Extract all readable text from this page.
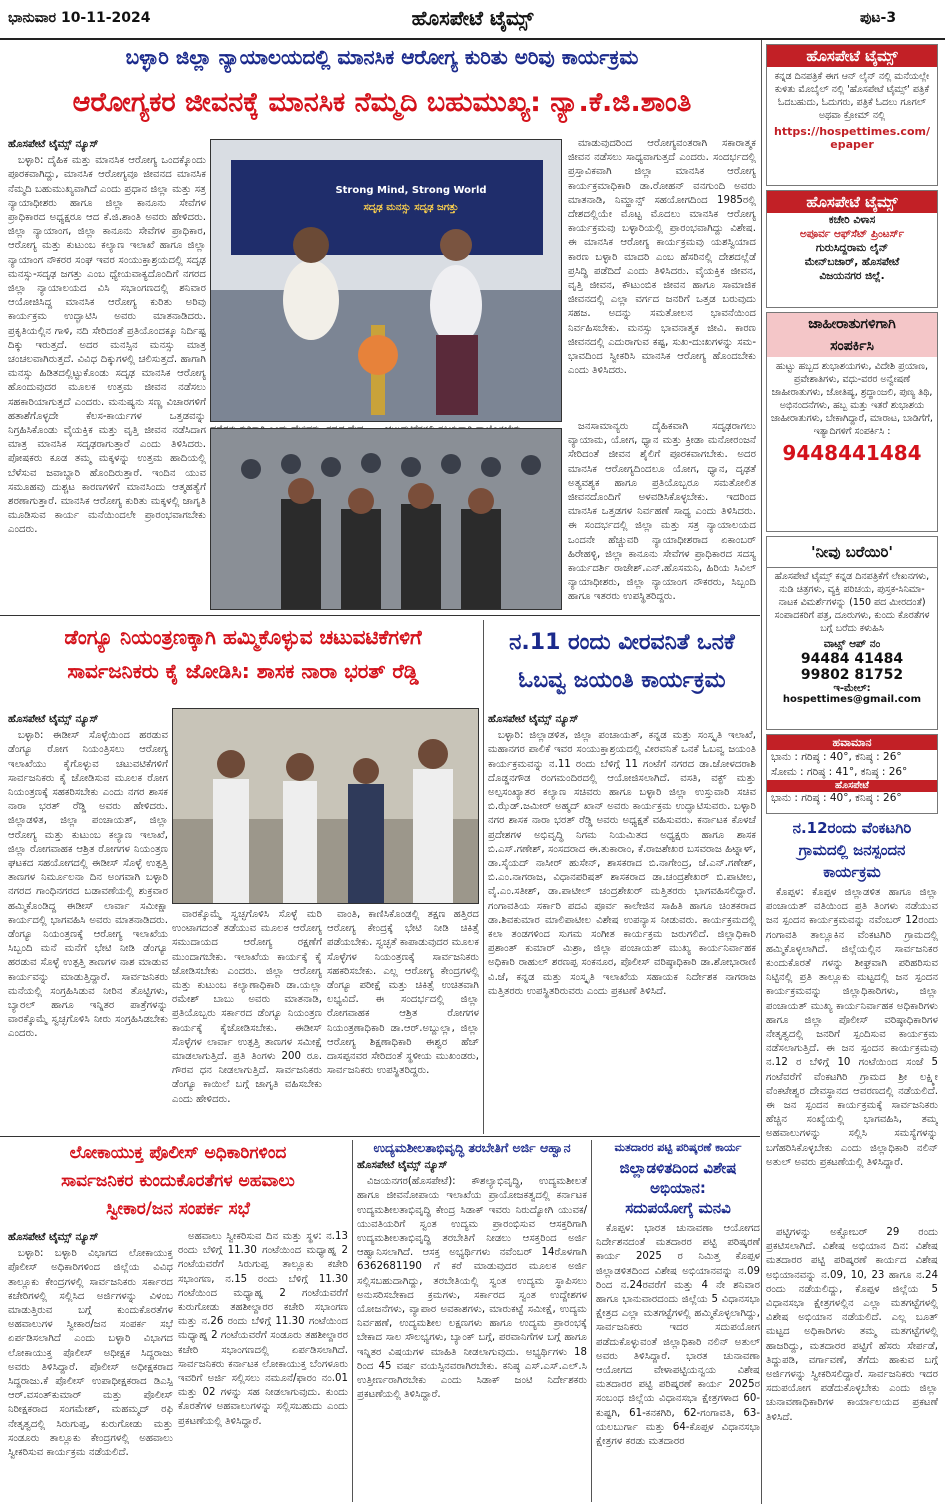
ಭಾನುವಾರ 10-11-2024	ಹೊಸಪೇಟೆ ಟೈಮ್ಸ್	ಪುಟ-3
ಬಳ್ಳಾರಿ ಜಿಲ್ಲಾ ನ್ಯಾಯಾಲಯದಲ್ಲಿ ಮಾನಸಿಕ ಆರೋಗ್ಯ ಕುರಿತು ಅರಿವು ಕಾರ್ಯಕ್ರಮ
ಆರೋಗ್ಯಕರ ಜೀವನಕ್ಕೆ ಮಾನಸಿಕ ನೆಮ್ಮದಿ ಬಹುಮುಖ್ಯ: ನ್ಯಾ.ಕೆ.ಜಿ.ಶಾಂತಿ
ಹೊಸಪೇಟೆ ಟೈಮ್ಸ್ ನ್ಯೂಸ್

ಬಳ್ಳಾರಿ: ದೈಹಿಕ ಮತ್ತು ಮಾನಸಿಕ ಆರೋಗ್ಯ ಒಂದಕ್ಕೊಂದು ಪೂರಕವಾಗಿದ್ದು, ಮಾನಸಿಕ ಆರೋಗ್ಯವೂ ಜೀವನದ ಮಾನಸಿಕ ನೆಮ್ಮದಿ ಬಹುಮುಖ್ಯವಾಗಿದೆ ಎಂದು ಪ್ರಧಾನ ಜಿಲ್ಲಾ ಮತ್ತು ಸತ್ರ ನ್ಯಾಯಾಧೀಶರು ಹಾಗೂ ಜಿಲ್ಲಾ ಕಾನೂನು ಸೇವೆಗಳ ಪ್ರಾಧಿಕಾರದ ಅಧ್ಯಕ್ಷರೂ ಆದ ಕೆ.ಜಿ.ಶಾಂತಿ ಅವರು ಹೇಳಿದರು. ಜಿಲ್ಲಾ ನ್ಯಾಯಾಂಗ, ಜಿಲ್ಲಾ ಕಾನೂನು ಸೇವೆಗಳ ಪ್ರಾಧಿಕಾರ, ಆರೋಗ್ಯ ಮತ್ತು ಕುಟುಂಬ ಕಲ್ಯಾಣ ಇಲಾಖೆ ಹಾಗೂ ಜಿಲ್ಲಾ ನ್ಯಾಯಾಂಗ ನೌಕರರ ಸಂಘ ಇವರ ಸಂಯುಕ್ತಾಶ್ರಯದಲ್ಲಿ ಸದೃಢ ಮನಸ್ಸು-ಸದೃಢ ಜಗತ್ತು ಎಂಬ ಧ್ಯೇಯವಾಕ್ಯದೊಂದಿಗೆ ನಗರದ ಜಿಲ್ಲಾ ನ್ಯಾಯಾಲಯದ ವಿಸಿ ಸಭಾಂಗಣದಲ್ಲಿ ಶನಿವಾರ ಆಯೋಜಿಸಿದ್ದ ಮಾನಸಿಕ ಆರೋಗ್ಯ ಕುರಿತು ಅರಿವು ಕಾರ್ಯಕ್ರಮ ಉದ್ಘಾಟಿಸಿ ಅವರು ಮಾತನಾಡಿದರು. ಪ್ರಕೃತಿಯಲ್ಲಿನ ಗಾಳಿ, ನದಿ ಸೇರಿದಂತೆ ಪ್ರತಿಯೊಂದಕ್ಕೂ ನಿರ್ದಿಷ್ಟ ದಿಕ್ಕು ಇರುತ್ತದೆ. ಅದರ ಮನಸ್ಸಿನ ಮನಸ್ಸು ಮಾತ್ರ ಚಂಚಲವಾಗಿರುತ್ತದೆ. ವಿವಿಧ ದಿಕ್ಕುಗಳಲ್ಲಿ ಚಲಿಸುತ್ತದೆ. ಹಾಗಾಗಿ ಮನಸ್ಸು ಹಿಡಿತದಲ್ಲಿಟ್ಟುಕೊಂಡು ಸದೃಢ ಮಾನಸಿಕ ಆರೋಗ್ಯ ಹೊಂದುವುದರ ಮೂಲಕ ಉತ್ತಮ ಜೀವನ ನಡೆಸಲು ಸಹಕಾರಿಯಾಗುತ್ತದೆ ಎಂದರು. ಮನುಷ್ಯನು ಸಣ್ಣ ವಿಚಾರಗಳಿಗೆ ಹತಾಶೆಗೊಳ್ಳದೇ ಕೆಲಸ-ಕಾರ್ಯಗಳ ಒತ್ತಡವನ್ನು ನಿಗ್ರಹಿಸಿಕೊಂಡು ವೈಯಕ್ತಿಕ ಮತ್ತು ವೃತ್ತಿ ಜೀವನ ನಡೆಸಿದಾಗ ಮಾತ್ರ ಮಾನಸಿಕ ಸದೃಢರಾಗುತ್ತಾರೆ ಎಂದು ತಿಳಿಸಿದರು. ಪೋಷಕರು ಕೂಡ ತಮ್ಮ ಮಕ್ಕಳನ್ನು ಉತ್ತಮ ಹಾದಿಯಲ್ಲಿ ಬೆಳೆಸುವ ಜವಾಬ್ದಾರಿ ಹೊಂದಿರುತ್ತಾರೆ. ಇಂದಿನ ಯುವ ಸಮೂಹವು ದುಶ್ಚಟ ಕಾರಣಗಳಿಗೆ ಮಾನಸಿಂದು ಆತ್ಮಹತ್ಯೆಗೆ ಶರಣಾಗುತ್ತಾರೆ. ಮಾನಸಿಕ ಆರೋಗ್ಯ ಕುರಿತು ಮಕ್ಕಳಲ್ಲಿ ಜಾಗೃತಿ ಮೂಡಿಸುವ ಕಾರ್ಯ ಮನೆಯಿಂದಲೇ ಪ್ರಾರಂಭವಾಗಬೇಕು ಎಂದರು.

Strong Mind, Strong World
ಸದೃಢ ಮನಸ್ಸು ಸದೃಢ ಜಗತ್ತು

ಮಾಡುವುದರಿಂದ ಆರೋಗ್ಯವಂತರಾಗಿ ಸಕಾರಾತ್ಮಕ ಜೀವನ ನಡೆಸಲು ಸಾಧ್ಯವಾಗುತ್ತದೆ ಎಂದರು. ಸಂದರ್ಭದಲ್ಲಿ ಪ್ರಸ್ತಾವಿಕವಾಗಿ ಜಿಲ್ಲಾ ಮಾನಸಿಕ ಆರೋಗ್ಯ ಕಾರ್ಯಕ್ರಮಾಧಿಕಾರಿ ಡಾ.ರೋಹನ್ ವನಗುಂದಿ ಅವರು ಮಾತನಾಡಿ, ನಿಮ್ಹಾನ್ಸ್ ಸಹಯೋಗದಿಂದ 1985ರಲ್ಲಿ ದೇಶದಲ್ಲಿಯೇ ಮೊಟ್ಟ ಮೊದಲು ಮಾನಸಿಕ ಆರೋಗ್ಯ ಕಾರ್ಯಕ್ರಮವು ಬಳ್ಳಾರಿಯಲ್ಲಿ ಪ್ರಾರಂಭವಾಗಿದ್ದು ವಿಶೇಷ. ಈ ಮಾನಸಿಕ ಆರೋಗ್ಯ ಕಾರ್ಯಕ್ರಮವು ಯಶಸ್ವಿಯಾದ ಕಾರಣ ಬಳ್ಳಾರಿ ಮಾದರಿ ಎಂಬ ಹೆಸರಿನಲ್ಲಿ ದೇಶದಲ್ಲೆಡೆ ಪ್ರಸಿದ್ಧಿ ಪಡೆದಿದೆ ಎಂದು ತಿಳಿಸಿದರು. ವೈಯಕ್ತಿಕ ಜೀವನ, ವೃತ್ತಿ ಜೀವನ, ಕೌಟುಂಬಿಕ ಜೀವನ ಹಾಗೂ ಸಾಮಾಜಿಕ ಜೀವನದಲ್ಲಿ ಎಲ್ಲಾ ವರ್ಗದ ಜನರಿಗೆ ಒತ್ತಡ ಬರುವುದು ಸಹಜ. ಅದನ್ನು ಸಮತೋಲನ ಭಾವನೆಯಿಂದ ನಿರ್ವಹಿಸಬೇಕು. ಮನಸ್ಸು ಭಾವನಾತ್ಮಕ ಜೀವಿ. ಕಾರಣ ಜೀವನದಲ್ಲಿ ಎದುರಾಗುವ ಕಷ್ಟ, ಸುಖ-ದುಃಖಗಳನ್ನು ಸಮ-ಭಾವದಿಂದ ಸ್ವೀಕರಿಸಿ ಮಾನಸಿಕ ಆರೋಗ್ಯ ಹೊಂದಬೇಕು ಎಂದು ತಿಳಿಸಿದರು.

ಜನಸಾಮಾನ್ಯರು ದೈಹಿಕವಾಗಿ ಸದೃಢರಾಗಲು ವ್ಯಾಯಾಮ, ಯೋಗ, ಧ್ಯಾನ ಮತ್ತು ಕ್ರೀಡಾ ಮನೋರಂಜನೆ ಸೇರಿದಂತೆ ಜೀವನ ಶೈಲಿಗೆ ಪೂರಕವಾಗಬೇಕು. ಅದರ ಮಾನಸಿಕ ಆರೋಗ್ಯದಿಂದಲೂ ಯೋಗ, ಧ್ಯಾನ, ದೃಢತೆ ಅತ್ಯವಶ್ಯಕ ಹಾಗೂ ಪ್ರತಿಯೊಬ್ಬರೂ ಸಮತೋಲಿತ ಜೀವನದೊಂದಿಗೆ ಅಳವಡಿಸಿಕೊಳ್ಳಬೇಕು. ಇದರಿಂದ ಮಾನಸಿಕ ಒತ್ತಡಗಳ ನಿರ್ವಹಣೆ ಸಾಧ್ಯ ಎಂದು ತಿಳಿಸಿದರು. ಈ ಸಂದರ್ಭದಲ್ಲಿ ಜಿಲ್ಲಾ ಮತ್ತು ಸತ್ರ ನ್ಯಾಯಾಲಯದ ಒಂದನೇ ಹೆಚ್ಚುವರಿ ನ್ಯಾಯಾಧೀಶರಾದ ಏಕಾಂಬರ್ ಹಿರೇಹಳ್ಳಿ, ಜಿಲ್ಲಾ ಕಾನೂನು ಸೇವೆಗಳ ಪ್ರಾಧಿಕಾರದ ಸದಸ್ಯ ಕಾರ್ಯದರ್ಶಿ ರಾಜೇಶ್.ಎನ್.ಹೊಸಮನಿ, ಹಿರಿಯ ಸಿವಿಲ್ ನ್ಯಾಯಾಧೀಶರು, ಜಿಲ್ಲಾ ನ್ಯಾಯಾಂಗ ನೌಕರರು, ಸಿಬ್ಬಂದಿ ಹಾಗೂ ಇತರರು ಉಪಸ್ಥಿತರಿದ್ದರು.

ಡೆಂಗ್ಯೂ ನಿಯಂತ್ರಣಕ್ಕಾಗಿ ಹಮ್ಮಿಕೊಳ್ಳುವ ಚಟುವಟಿಕೆಗಳಿಗೆ
ಸಾರ್ವಜನಿಕರು ಕೈ ಜೋಡಿಸಿ: ಶಾಸಕ ನಾರಾ ಭರತ್ ರೆಡ್ಡಿ
ಹೊಸಪೇಟೆ ಟೈಮ್ಸ್ ನ್ಯೂಸ್

ಬಳ್ಳಾರಿ: ಈಡೀಸ್ ಸೊಳ್ಳೆಯಿಂದ ಹರಡುವ ಡೆಂಗ್ಯೂ ರೋಗ ನಿಯಂತ್ರಿಸಲು ಆರೋಗ್ಯ ಇಲಾಖೆಯು ಕೈಗೊಳ್ಳುವ ಚಟುವಟಿಕೆಗಳಿಗೆ ಸಾರ್ವಜನಿಕರು ಕೈ ಜೋಡಿಸುವ ಮೂಲಕ ರೋಗ ನಿಯಂತ್ರಣಕ್ಕೆ ಸಹಕರಿಸಬೇಕು ಎಂದು ನಗರ ಶಾಸಕ ನಾರಾ ಭರತ್ ರೆಡ್ಡಿ ಅವರು ಹೇಳಿದರು. ಜಿಲ್ಲಾಡಳಿತ, ಜಿಲ್ಲಾ ಪಂಚಾಯತ್, ಜಿಲ್ಲಾ ಆರೋಗ್ಯ ಮತ್ತು ಕುಟುಂಬ ಕಲ್ಯಾಣ ಇಲಾಖೆ, ಜಿಲ್ಲಾ ರೋಗವಾಹಕ ಆಶ್ರಿತ ರೋಗಗಳ ನಿಯಂತ್ರಣ ಘಟಕದ ಸಹಯೋಗದಲ್ಲಿ ಈಡೀಸ್ ಸೊಳ್ಳೆ ಉತ್ಪತ್ತಿ ತಾಣಗಳ ನಿರ್ಮೂಲನಾ ದಿನ ಅಂಗವಾಗಿ ಬಳ್ಳಾರಿ ನಗರದ ಗಾಂಧಿನಗರದ ಬಡಾವಣೆಯಲ್ಲಿ ಶುಕ್ರವಾರ ಹಮ್ಮಿಕೊಂಡಿದ್ದ ಈಡೀಸ್ ಲಾರ್ವಾ ಸಮೀಕ್ಷಾ ಕಾರ್ಯದಲ್ಲಿ ಭಾಗವಹಿಸಿ ಅವರು ಮಾತನಾಡಿದರು. ಡೆಂಗ್ಯೂ ನಿಯಂತ್ರಣಕ್ಕೆ ಆರೋಗ್ಯ ಇಲಾಖೆಯ ಸಿಬ್ಬಂದಿ ಮನೆ ಮನೆಗೆ ಭೇಟಿ ನೀಡಿ ಡೆಂಗ್ಯೂ ಹರಡುವ ಸೊಳ್ಳೆ ಉತ್ಪತ್ತಿ ತಾಣಗಳ ನಾಶ ಮಾಡುವ ಕಾರ್ಯವನ್ನು ಮಾಡುತ್ತಿದ್ದಾರೆ. ಸಾರ್ವಜನಿಕರು ಮನೆಯಲ್ಲಿ ಸಂಗ್ರಹಿಸಿಡುವ ನೀರಿನ ತೊಟ್ಟಿಗಳು, ಬ್ಯಾರಲ್ ಹಾಗೂ ಇನ್ನಿತರ ಪಾತ್ರೆಗಳನ್ನು ವಾರಕ್ಕೊಮ್ಮೆ ಸ್ವಚ್ಛಗೊಳಿಸಿ ನೀರು ಸಂಗ್ರಹಿಸಿಡಬೇಕು ಎಂದರು.

ವಾರಕ್ಕೊಮ್ಮೆ ಸ್ವಚ್ಛಗೊಳಿಸಿ ಸೊಳ್ಳೆ ಮರಿ ಉಂಟಾಗದಂತೆ ತಡೆಯುವ ಮೂಲಕ ಆರೋಗ್ಯ ಸಮುದಾಯದ ಆರೋಗ್ಯ ರಕ್ಷಣೆಗೆ ಮುಂದಾಗಬೇಕು. ಇಲಾಖೆಯ ಕಾರ್ಯಕ್ಕೆ ಕೈ ಜೋಡಿಸಬೇಕು ಎಂದರು. ಜಿಲ್ಲಾ ಆರೋಗ್ಯ ಮತ್ತು ಕುಟುಂಬ ಕಲ್ಯಾಣಾಧಿಕಾರಿ ಡಾ.ಯಲ್ಲಾ ರಮೇಶ್ ಬಾಬು ಅವರು ಮಾತನಾಡಿ, ಪ್ರತಿಯೊಬ್ಬರು ಸರ್ಕಾರದ ಡೆಂಗ್ಯೂ ನಿಯಂತ್ರಣ ಕಾರ್ಯಕ್ಕೆ ಕೈಜೋಡಿಸಬೇಕು. ಈಡೀಸ್ ಸೊಳ್ಳೆಗಳ ಲಾರ್ವಾ ಉತ್ಪತ್ತಿ ತಾಣಗಳ ಸಮೀಕ್ಷೆ ಮಾಡಲಾಗುತ್ತಿದೆ. ಪ್ರತಿ ತಿಂಗಳು 200 ರೂ. ಗೌರವ ಧನ ನೀಡಲಾಗುತ್ತಿದೆ. ಸಾರ್ವಜನಿಕರು ಡೆಂಗ್ಯೂ ಕಾಯಿಲೆ ಬಗ್ಗೆ ಜಾಗೃತಿ ವಹಿಸಬೇಕು ಎಂದು ಹೇಳಿದರು.

ವಾಂತಿ, ಕಾಣಿಸಿಕೊಂಡಲ್ಲಿ ತಕ್ಷಣ ಹತ್ತಿರದ ಆರೋಗ್ಯ ಕೇಂದ್ರಕ್ಕೆ ಭೇಟಿ ನೀಡಿ ಚಿಕಿತ್ಸೆ ಪಡೆಯಬೇಕು. ಸ್ವಚ್ಛತೆ ಕಾಪಾಡುವುದರ ಮೂಲಕ ಸೊಳ್ಳೆಗಳ ನಿಯಂತ್ರಣಕ್ಕೆ ಸಾರ್ವಜನಿಕರು ಸಹಕರಿಸಬೇಕು. ಎಲ್ಲ ಆರೋಗ್ಯ ಕೇಂದ್ರಗಳಲ್ಲಿ ಡೆಂಗ್ಯೂ ಪರೀಕ್ಷೆ ಮತ್ತು ಚಿಕಿತ್ಸೆ ಉಚಿತವಾಗಿ ಲಭ್ಯವಿದೆ. ಈ ಸಂದರ್ಭದಲ್ಲಿ ಜಿಲ್ಲಾ ರೋಗವಾಹಕ ಆಶ್ರಿತ ರೋಗಗಳ ನಿಯಂತ್ರಣಾಧಿಕಾರಿ ಡಾ.ಆರ್.ಅಬ್ದುಲ್ಲಾ, ಜಿಲ್ಲಾ ಆರೋಗ್ಯ ಶಿಕ್ಷಣಾಧಿಕಾರಿ ಈಶ್ವರ ಹೆಚ್ ದಾಸಪ್ಪನವರ ಸೇರಿದಂತೆ ಸ್ಥಳೀಯ ಮುಖಂಡರು, ಸಾರ್ವಜನಿಕರು ಉಪಸ್ಥಿತರಿದ್ದರು.

ನ.11 ರಂದು ವೀರವನಿತೆ ಒನಕೆ
ಓಬವ್ವ ಜಯಂತಿ ಕಾರ್ಯಕ್ರಮ
ಹೊಸಪೇಟೆ ಟೈಮ್ಸ್ ನ್ಯೂಸ್

ಬಳ್ಳಾರಿ: ಜಿಲ್ಲಾಡಳಿತ, ಜಿಲ್ಲಾ ಪಂಚಾಯತ್, ಕನ್ನಡ ಮತ್ತು ಸಂಸ್ಕೃತಿ ಇಲಾಖೆ, ಮಹಾನಗರ ಪಾಲಿಕೆ ಇವರ ಸಂಯುಕ್ತಾಶ್ರಯದಲ್ಲಿ ವೀರವನಿತೆ ಒನಕೆ ಓಬವ್ವ ಜಯಂತಿ ಕಾರ್ಯಕ್ರಮವನ್ನು ನ.11 ರಂದು ಬೆಳಿಗ್ಗೆ 11 ಗಂಟೆಗೆ ನಗರದ ಡಾ.ಜೋಳದರಾಶಿ ದೊಡ್ಡನಗೌಡ ರಂಗಮಂದಿರದಲ್ಲಿ ಆಯೋಜಿಸಲಾಗಿದೆ. ವಸತಿ, ವಕ್ಫ್ ಮತ್ತು ಅಲ್ಪಸಂಖ್ಯಾತರ ಕಲ್ಯಾಣ ಸಚಿವರು ಹಾಗೂ ಬಳ್ಳಾರಿ ಜಿಲ್ಲಾ ಉಸ್ತುವಾರಿ ಸಚಿವ ಬಿ.ಝೆಡ್.ಜಮೀರ್ ಅಹ್ಮದ್ ಖಾನ್ ಅವರು ಕಾರ್ಯಕ್ರಮ ಉದ್ಘಾಟಿಸುವರು. ಬಳ್ಳಾರಿ ನಗರ ಶಾಸಕ ನಾರಾ ಭರತ್ ರೆಡ್ಡಿ ಅವರು ಅಧ್ಯಕ್ಷತೆ ವಹಿಸುವರು. ಕರ್ನಾಟಕ ಕೊಳಚೆ ಪ್ರದೇಶಗಳ ಅಭಿವೃದ್ಧಿ ನಿಗಮ ನಿಯಮಿತದ ಅಧ್ಯಕ್ಷರು ಹಾಗೂ ಶಾಸಕ ಬಿ.ಎಸ್.ಗಣೇಶ್, ಸಂಸದರಾದ ಈ.ತುಕಾರಾಂ, ಕೆ.ರಾಜಶೇಖರ ಬಸವರಾಜ ಹಿಟ್ನಾಳ್, ಡಾ.ಸೈಯದ್ ನಾಸೀರ್ ಹುಸೇನ್, ಶಾಸಕರಾದ ಬಿ.ನಾಗೇಂದ್ರ, ಜೆ.ಎನ್.ಗಣೇಶ್, ಬಿ.ಎಂ.ನಾಗರಾಜ, ವಿಧಾನಪರಿಷತ್ ಶಾಸಕರಾದ ಡಾ.ಚಂದ್ರಶೇಖರ್ ಬಿ.ಪಾಟೀಲ, ವೈ.ಎಂ.ಸತೀಶ್, ಡಾ.ಪಾಟೀಲ್ ಚಂದ್ರಶೇಖರ್ ಮತ್ತಿತರರು ಭಾಗವಹಿಸಲಿದ್ದಾರೆ. ಗಂಗಾವತಿಯ ಸರ್ಕಾರಿ ಪದವಿ ಪೂರ್ವ ಕಾಲೇಜಿನ ಸಾಹಿತಿ ಹಾಗೂ ಚಿಂತಕರಾದ ಡಾ.ಶಿವಕುಮಾರ ಮಾಲಿಪಾಟೀಲ ವಿಶೇಷ ಉಪನ್ಯಾಸ ನೀಡುವರು. ಕಾರ್ಯಕ್ರಮದಲ್ಲಿ ಕಲಾ ತಂಡಗಳಿಂದ ಸುಗಮ ಸಂಗೀತ ಕಾರ್ಯಕ್ರಮ ಜರುಗಲಿದೆ. ಜಿಲ್ಲಾಧಿಕಾರಿ ಪ್ರಶಾಂತ್ ಕುಮಾರ್ ಮಿಶ್ರಾ, ಜಿಲ್ಲಾ ಪಂಚಾಯತ್ ಮುಖ್ಯ ಕಾರ್ಯನಿರ್ವಾಹಕ ಅಧಿಕಾರಿ ರಾಹುಲ್ ಶರಣಪ್ಪ ಸಂಕನೂರ, ಪೊಲೀಸ್ ವರಿಷ್ಠಾಧಿಕಾರಿ ಡಾ.ಶೋಭಾರಾಣಿ ವಿ.ಜೆ, ಕನ್ನಡ ಮತ್ತು ಸಂಸ್ಕೃತಿ ಇಲಾಖೆಯ ಸಹಾಯಕ ನಿರ್ದೇಶಕ ನಾಗರಾಜ ಮತ್ತಿತರರು ಉಪಸ್ಥಿತರಿರುವರು ಎಂದು ಪ್ರಕಟಣೆ ತಿಳಿಸಿದೆ.

ಲೋಕಾಯುಕ್ತ ಪೊಲೀಸ್ ಅಧಿಕಾರಿಗಳಿಂದ
ಸಾರ್ವಜನಿಕರ ಕುಂದುಕೊರತೆಗಳ ಅಹವಾಲು
ಸ್ವೀಕಾರ/ಜನ ಸಂಪರ್ಕ ಸಭೆ
ಹೊಸಪೇಟೆ ಟೈಮ್ಸ್ ನ್ಯೂಸ್

ಬಳ್ಳಾರಿ: ಬಳ್ಳಾರಿ ವಿಭಾಗದ ಲೋಕಾಯುಕ್ತ ಪೊಲೀಸ್ ಅಧಿಕಾರಿಗಳಿಂದ ಜಿಲ್ಲೆಯ ವಿವಿಧ ತಾಲ್ಲೂಕು ಕೇಂದ್ರಗಳಲ್ಲಿ ಸಾರ್ವಜನಿಕರು ಸರ್ಕಾರದ ಕಚೇರಿಗಳಲ್ಲಿ ಸಲ್ಲಿಸಿದ ಅರ್ಜಿಗಳನ್ನು ವಿಳಂಬ ಮಾಡುತ್ತಿರುವ ಬಗ್ಗೆ ಕುಂದುಕೊರತೆಗಳ ಅಹವಾಲುಗಳ ಸ್ವೀಕಾರ/ಜನ ಸಂಪರ್ಕ ಸಭೆ ಏರ್ಪಡಿಸಲಾಗಿದೆ ಎಂದು ಬಳ್ಳಾರಿ ವಿಭಾಗದ ಲೋಕಾಯುಕ್ತ ಪೊಲೀಸ್ ಅಧೀಕ್ಷಕ ಸಿದ್ದರಾಜು ಅವರು ತಿಳಿಸಿದ್ದಾರೆ. ಪೊಲೀಸ್ ಅಧೀಕ್ಷಕರಾದ ಸಿದ್ದರಾಜು.ಕೆ ಪೊಲೀಸ್ ಉಪಾಧೀಕ್ಷಕರಾದ ಡಿಎಸ್ಪಿ ಆರ್.ವಸಂತ್‌ಕುಮಾರ್ ಮತ್ತು ಪೊಲೀಸ್ ನಿರೀಕ್ಷಕರಾದ ಸಂಗಮೇಶ್, ಮಹಮ್ಮದ್ ರಫಿ ನೇತೃತ್ವದಲ್ಲಿ ಸಿರುಗುಪ್ಪ, ಕುರುಗೋಡು ಮತ್ತು ಸಂಡೂರು ತಾಲ್ಲೂಕು ಕೇಂದ್ರಗಳಲ್ಲಿ ಅಹವಾಲು ಸ್ವೀಕರಿಸುವ ಕಾರ್ಯಕ್ರಮ ನಡೆಯಲಿದೆ.

ಅಹವಾಲು ಸ್ವೀಕರಿಸುವ ದಿನ ಮತ್ತು ಸ್ಥಳ: ನ.13 ರಂದು ಬೆಳಿಗ್ಗೆ 11.30 ಗಂಟೆಯಿಂದ ಮಧ್ಯಾಹ್ನ 2 ಗಂಟೆಯವರೆಗೆ ಸಿರುಗುಪ್ಪ ತಾಲ್ಲೂಕು ಕಚೇರಿ ಸಭಾಂಗಣ, ನ.15 ರಂದು ಬೆಳಿಗ್ಗೆ 11.30 ಗಂಟೆಯಿಂದ ಮಧ್ಯಾಹ್ನ 2 ಗಂಟೆಯವರೆಗೆ ಕುರುಗೋಡು ತಹಶೀಲ್ದಾರರ ಕಚೇರಿ ಸಭಾಂಗಣ ಮತ್ತು ನ.26 ರಂದು ಬೆಳಿಗ್ಗೆ 11.30 ಗಂಟೆಯಿಂದ ಮಧ್ಯಾಹ್ನ 2 ಗಂಟೆಯವರೆಗೆ ಸಂಡೂರು ತಹಶೀಲ್ದಾರರ ಕಚೇರಿ ಸಭಾಂಗಣದಲ್ಲಿ ಏರ್ಪಡಿಸಲಾಗಿದೆ. ಸಾರ್ವಜನಿಕರು ಕರ್ನಾಟಕ ಲೋಕಾಯುಕ್ತ ಬೆಂಗಳೂರು ಇವರಿಗೆ ಅರ್ಜಿ ಸಲ್ಲಿಸಲು ನಮೂನೆ/ಫಾರಂ ನಂ.01 ಮತ್ತು 02 ಗಳನ್ನು ಸಹ ನೀಡಲಾಗುವುದು. ಕುಂದು ಕೊರತೆಗಳ ಅಹವಾಲುಗಳನ್ನು ಸಲ್ಲಿಸಬಹುದು ಎಂದು ಪ್ರಕಟಣೆಯಲ್ಲಿ ತಿಳಿಸಿದ್ದಾರೆ.

ಉದ್ಯಮಶೀಲತಾಭಿವೃದ್ಧಿ ತರಬೇತಿಗೆ ಅರ್ಜಿ ಆಹ್ವಾನ
ಹೊಸಪೇಟೆ ಟೈಮ್ಸ್ ನ್ಯೂಸ್

ವಿಜಯನಗರ(ಹೊಸಪೇಟೆ): ಕೌಶಲ್ಯಾಭಿವೃದ್ಧಿ, ಉದ್ಯಮಶೀಲತೆ ಹಾಗೂ ಜೀವನೋಪಾಯ ಇಲಾಖೆಯ ಪ್ರಾಯೋಜಕತ್ವದಲ್ಲಿ ಕರ್ನಾಟಕ ಉದ್ಯಮಶೀಲತಾಭಿವೃದ್ಧಿ ಕೇಂದ್ರ ಸಿಡಾಕ್ ಇವರು ನಿರುದ್ಯೋಗಿ ಯುವಕ/ಯುವತಿಯರಿಗೆ ಸ್ವಂತ ಉದ್ಯಮ ಪ್ರಾರಂಭಿಸುವ ಆಸಕ್ತರಿಗಾಗಿ ಉದ್ಯಮಶೀಲತಾಭಿವೃದ್ಧಿ ತರಬೇತಿಗೆ ನೀಡಲು ಆಸಕ್ತರಿಂದ ಅರ್ಜಿ ಆಹ್ವಾನಿಸಲಾಗಿದೆ. ಆಸಕ್ತ ಅಭ್ಯರ್ಥಿಗಳು ನವೆಂಬರ್ 14ರೊಳಗಾಗಿ 6362681190 ಗೆ ಕರೆ ಮಾಡುವುದರ ಮೂಲಕ ಅರ್ಜಿ ಸಲ್ಲಿಸಬಹುದಾಗಿದ್ದು, ತರಬೇತಿಯಲ್ಲಿ ಸ್ವಂತ ಉದ್ಯಮ ಸ್ಥಾಪಿಸಲು ಅನುಸರಿಸಬೇಕಾದ ಕ್ರಮಗಳು, ಸರ್ಕಾರದ ಸ್ವಂತ ಉದ್ದೇಶಗಳ ಯೋಜನೆಗಳು, ವ್ಯಾಪಾರ ಅವಕಾಶಗಳು, ಮಾರುಕಟ್ಟೆ ಸಮೀಕ್ಷೆ, ಉದ್ಯಮ ನಿರ್ವಹಣೆ, ಉದ್ಯಮಶೀಲ ಲಕ್ಷಣಗಳು ಹಾಗೂ ಉದ್ಯಮ ಪ್ರಾರಂಭಕ್ಕೆ ಬೇಕಾದ ಸಾಲ ಸೌಲಭ್ಯಗಳು, ಬ್ಯಾಂಕ್ ಬಗ್ಗೆ, ಪರವಾನಿಗೆಗಳ ಬಗ್ಗೆ ಹಾಗೂ ಇನ್ನಿತರ ವಿಷಯಗಳ ಮಾಹಿತಿ ನೀಡಲಾಗುವುದು. ಅಭ್ಯರ್ಥಿಗಳು 18 ರಿಂದ 45 ವರ್ಷ ವಯಸ್ಸಿನವರಾಗಿರಬೇಕು. ಕನಿಷ್ಠ ಎಸ್.ಎಸ್.ಎಲ್.ಸಿ ಉತ್ತೀರ್ಣರಾಗಿರಬೇಕು ಎಂದು ಸಿಡಾಕ್ ಜಂಟಿ ನಿರ್ದೇಶಕರು ಪ್ರಕಟಣೆಯಲ್ಲಿ ತಿಳಿಸಿದ್ದಾರೆ.

ಮತದಾರರ ಪಟ್ಟಿ ಪರಿಷ್ಕರಣೆ ಕಾರ್ಯ
ಜಿಲ್ಲಾಡಳಿತದಿಂದ ವಿಶೇಷ
ಅಭಿಯಾನ:
ಸದುಪಯೋಗ್ಕೆ ಮನವಿ

ಕೊಪ್ಪಳ: ಭಾರತ ಚುನಾವಣಾ ಆಯೋಗದ ನಿರ್ದೇಶನದಂತೆ ಮತದಾರರ ಪಟ್ಟಿ ಪರಿಷ್ಕರಣೆ ಕಾರ್ಯ 2025 ರ ನಿಮಿತ್ತ ಕೊಪ್ಪಳ ಜಿಲ್ಲಾಡಳಿತದಿಂದ ವಿಶೇಷ ಅಭಿಯಾನವನ್ನು ನ.09 ರಿಂದ ನ.24ರವರೆಗೆ ಮತ್ತು 4 ನೇ ಶನಿವಾರ ಹಾಗೂ ಭಾನುವಾರದಂದು ಜಿಲ್ಲೆಯ 5 ವಿಧಾನಸಭಾ ಕ್ಷೇತ್ರದ ಎಲ್ಲಾ ಮತಗಟ್ಟೆಗಳಲ್ಲಿ ಹಮ್ಮಿಕೊಳ್ಳಲಾಗಿದ್ದು, ಸಾರ್ವಜನಿಕರು ಇದರ ಸದುಪಯೋಗ ಪಡೆದುಕೊಳ್ಳುವಂತೆ ಜಿಲ್ಲಾಧಿಕಾರಿ ನಲಿನ್ ಅತುಲ್ ಅವರು ತಿಳಿಸಿದ್ದಾರೆ. ಭಾರತ ಚುನಾವಣಾ ಆಯೋಗದ ವೇಳಾಪಟ್ಟಿಯನ್ವಯ ವಿಶೇಷ ಮತದಾರರ ಪಟ್ಟಿ ಪರಿಷ್ಕರಣೆ ಕಾರ್ಯ 2025ರ ಸಂಬಂಧ ಜಿಲ್ಲೆಯ ವಿಧಾನಸಭಾ ಕ್ಷೇತ್ರಗಳಾದ 60-ಕುಷ್ಟಗಿ, 61-ಕನಕಗಿರಿ, 62-ಗಂಗಾವತಿ, 63-ಯಲಬುರ್ಗಾ ಮತ್ತು 64-ಕೊಪ್ಪಳ ವಿಧಾನಸಭಾ ಕ್ಷೇತ್ರಗಳ ಕರಡು ಮತದಾರರ

ಪಟ್ಟಿಗಳನ್ನು ಅಕ್ಟೋಬರ್ 29 ರಂದು ಪ್ರಕಟಿಸಲಾಗಿದೆ. ವಿಶೇಷ ಅಭಿಯಾನ ದಿನ: ವಿಶೇಷ ಮತದಾರರ ಪಟ್ಟಿ ಪರಿಷ್ಕರಣೆ ಕಾರ್ಯದ ವಿಶೇಷ ಅಭಿಯಾನವನ್ನು ನ.09, 10, 23 ಹಾಗೂ ನ.24 ರಂದು ನಡೆಯಲಿದ್ದು, ಕೊಪ್ಪಳ ಜಿಲ್ಲೆಯ 5 ವಿಧಾನಸಭಾ ಕ್ಷೇತ್ರಗಳಲ್ಲಿನ ಎಲ್ಲಾ ಮತಗಟ್ಟೆಗಳಲ್ಲಿ ವಿಶೇಷ ಅಭಿಯಾನ ನಡೆಯಲಿದೆ. ಎಲ್ಲ ಬೂತ್ ಮಟ್ಟದ ಅಧಿಕಾರಿಗಳು ತಮ್ಮ ಮತಗಟ್ಟೆಗಳಲ್ಲಿ ಹಾಜರಿದ್ದು, ಮತದಾರರ ಪಟ್ಟಿಗೆ ಹೆಸರು ಸೇರ್ಪಡೆ, ತಿದ್ದುಪಡಿ, ವರ್ಗಾವಣೆ, ತೆಗೆದು ಹಾಕುವ ಬಗ್ಗೆ ಅರ್ಜಿಗಳನ್ನು ಸ್ವೀಕರಿಸಲಿದ್ದಾರೆ. ಸಾರ್ವಜನಿಕರು ಇದರ ಸದುಪಯೋಗ ಪಡೆದುಕೊಳ್ಳಬೇಕು ಎಂದು ಜಿಲ್ಲಾ ಚುನಾವಣಾಧಿಕಾರಿಗಳ ಕಾರ್ಯಾಲಯದ ಪ್ರಕಟಣೆ ತಿಳಿಸಿದೆ.

ಹೊಸಪೇಟೆ ಟೈಮ್ಸ್
ಕನ್ನಡ ದಿನಪತ್ರಿಕೆ ಈಗ ಆನ್ ಲೈನ್ ನಲ್ಲಿ ಮನೆಯಲ್ಲೇ ಕುಳಿತು ಮೊಬೈಲ್ ನಲ್ಲಿ 'ಹೊಸಪೇಟೆ ಟೈಮ್ಸ್' ಪತ್ರಿಕೆ ಓದಬಹುದು, ಓದುಗರು, ಪತ್ರಿಕೆ ಓದಲು ಗೂಗಲ್ ಅಥವಾ ಕ್ರೋಮ್ ನಲ್ಲಿ
https://hospettimes.com/
epaper
ಹೊಸಪೇಟೆ ಟೈಮ್ಸ್
ಕಚೇರಿ ವಿಳಾಸ
ಅಪೂರ್ವ ಆಫ್‌ಸೆಟ್ ಪ್ರಿಂಟರ್ಸ್
ಗುರುಸಿದ್ದರಾಮ ಲೈನ್
ಮೇನ್‌ಬಜಾರ್, ಹೊಸಪೇಟೆ
ವಿಜಯನಗರ ಜಿಲ್ಲೆ.
ಜಾಹೀರಾತುಗಳಿಗಾಗಿ
ಸಂಪರ್ಕಿಸಿ
ಹುಟ್ಟು ಹಬ್ಬದ ಶುಭಾಶಯಗಳು, ವಿದೇಶಿ ಪ್ರಯಾಣ, ಪ್ರವೇಶಾತಿಗಳು, ವಧು-ವರರ ಅನ್ವೇಷಣೆ ಜಾಹೀರಾತುಗಳು, ಜೋತಿಷ್ಯ, ಶ್ರದ್ಧಾಂಜಲಿ, ಪುಣ್ಯ ತಿಥಿ, ಅಭಿನಂದನೆಗಳು, ಹಬ್ಬ ಮತ್ತು ಇತರೆ ಶುಭಾಶಯ ಜಾಹೀರಾತುಗಳು, ಬೇಕಾಗಿದ್ದಾರೆ, ಮಾರಾಟ, ಬಾಡಿಗೆಗೆ, ಇತ್ಯಾದಿಗಳಿಗೆ ಸಂಪರ್ಕಿಸಿ :
9448441484
'ನೀವು ಬರೆಯಿರಿ'
ಹೊಸಪೇಟೆ ಟೈಮ್ಸ್ ಕನ್ನಡ ದಿನಪತ್ರಿಕೆಗೆ ಲೇಖನಗಳು, ನುಡಿ ಚಿತ್ರಗಳು, ವ್ಯಕ್ತಿ ಪರಿಚಯ, ಪುಸ್ತಕ-ಸಿನಿಮಾ-ನಾಟಕ ವಿಮರ್ಶೆಗಳನ್ನು (150 ಪದ ಮೀರದಂತೆ) ಸಂಪಾದಕರಿಗೆ ಪತ್ರ, ದೂರುಗಳು, ಕುಂದು ಕೊರತೆಗಳ ಬಗ್ಗೆ ಬರೆದು ಕಳುಹಿಸಿ
ವಾಟ್ಸ್ ಆಪ್ ನಂ
94484 41484
99802 81752
ಇ-ಮೇಲ್: hospettimes@gmail.com
ಹವಾಮಾನ
ಭಾನು : ಗರಿಷ್ಠ : 40°, ಕನಿಷ್ಠ : 26°
ಸೋಮ : ಗರಿಷ್ಠ : 41°, ಕನಿಷ್ಠ : 26°
ಹೊಸಪೇಟೆ
ಭಾನು : ಗರಿಷ್ಠ : 40°, ಕನಿಷ್ಠ : 26°
ನ.12ರಂದು ವೆಂಕಟಗಿರಿ
ಗ್ರಾಮದಲ್ಲಿ ಜನಸ್ಪಂದನ
ಕಾರ್ಯಕ್ರಮ

ಕೊಪ್ಪಳ: ಕೊಪ್ಪಳ ಜಿಲ್ಲಾಡಳಿತ ಹಾಗೂ ಜಿಲ್ಲಾ ಪಂಚಾಯತ್ ವತಿಯಿಂದ ಪ್ರತಿ ತಿಂಗಳು ನಡೆಯುವ ಜನ ಸ್ಪಂದನ ಕಾರ್ಯಕ್ರಮವನ್ನು ನವೆಂಬರ್ 12ರಂದು ಗಂಗಾವತಿ ತಾಲ್ಲೂಕಿನ ವೆಂಕಟಗಿರಿ ಗ್ರಾಮದಲ್ಲಿ ಹಮ್ಮಿಕೊಳ್ಳಲಾಗಿದೆ. ಜಿಲ್ಲೆಯಲ್ಲಿನ ಸಾರ್ವಜನಿಕರ ಕುಂದುಕೊರತೆ ಗಳನ್ನು ಶೀಘ್ರವಾಗಿ ಪರಿಹರಿಸುವ ನಿಟ್ಟಿನಲ್ಲಿ ಪ್ರತಿ ತಾಲ್ಲೂಕು ಮಟ್ಟದಲ್ಲಿ ಜನ ಸ್ಪಂದನ ಕಾರ್ಯಕ್ರಮವನ್ನು ಜಿಲ್ಲಾಧಿಕಾರಿಗಳು, ಜಿಲ್ಲಾ ಪಂಚಾಯತ್ ಮುಖ್ಯ ಕಾರ್ಯನಿರ್ವಾಹಕ ಅಧಿಕಾರಿಗಳು ಹಾಗೂ ಜಿಲ್ಲಾ ಪೊಲೀಸ್ ವರಿಷ್ಠಾಧಿಕಾರಿಗಳ ನೇತೃತ್ವದಲ್ಲಿ ಜನರಿಗೆ ಸ್ಪಂದಿಸುವ ಕಾರ್ಯಕ್ರಮ ನಡೆಸಲಾಗುತ್ತಿದೆ. ಈ ಜನ ಸ್ಪಂದನ ಕಾರ್ಯಕ್ರಮವು ನ.12 ರ ಬೆಳಿಗ್ಗೆ 10 ಗಂಟೆಯಿಂದ ಸಂಜೆ 5 ಗಂಟೆವರೆಗೆ ವೆಂಕಟಗಿರಿ ಗ್ರಾಮದ ಶ್ರೀ ಲಕ್ಷ್ಮೀ ವೆಂಕಟೇಶ್ವರ ದೇವಸ್ಥಾನದ ಆವರಣದಲ್ಲಿ ನಡೆಯಲಿದೆ. ಈ ಜನ ಸ್ಪಂದನ ಕಾರ್ಯಕ್ರಮಕ್ಕೆ ಸಾರ್ವಜನಿಕರು ಹೆಚ್ಚಿನ ಸಂಖ್ಯೆಯಲ್ಲಿ ಭಾಗವಹಿಸಿ, ತಮ್ಮ ಅಹವಾಲುಗಳನ್ನು ಸಲ್ಲಿಸಿ ಸಮಸ್ಯೆಗಳನ್ನು ಬಗೆಹರಿಸಿಕೊಳ್ಳಬೇಕು ಎಂದು ಜಿಲ್ಲಾಧಿಕಾರಿ ನಲಿನ್ ಅತುಲ್ ಅವರು ಪ್ರಕಟಣೆಯಲ್ಲಿ ತಿಳಿಸಿದ್ದಾರೆ.
